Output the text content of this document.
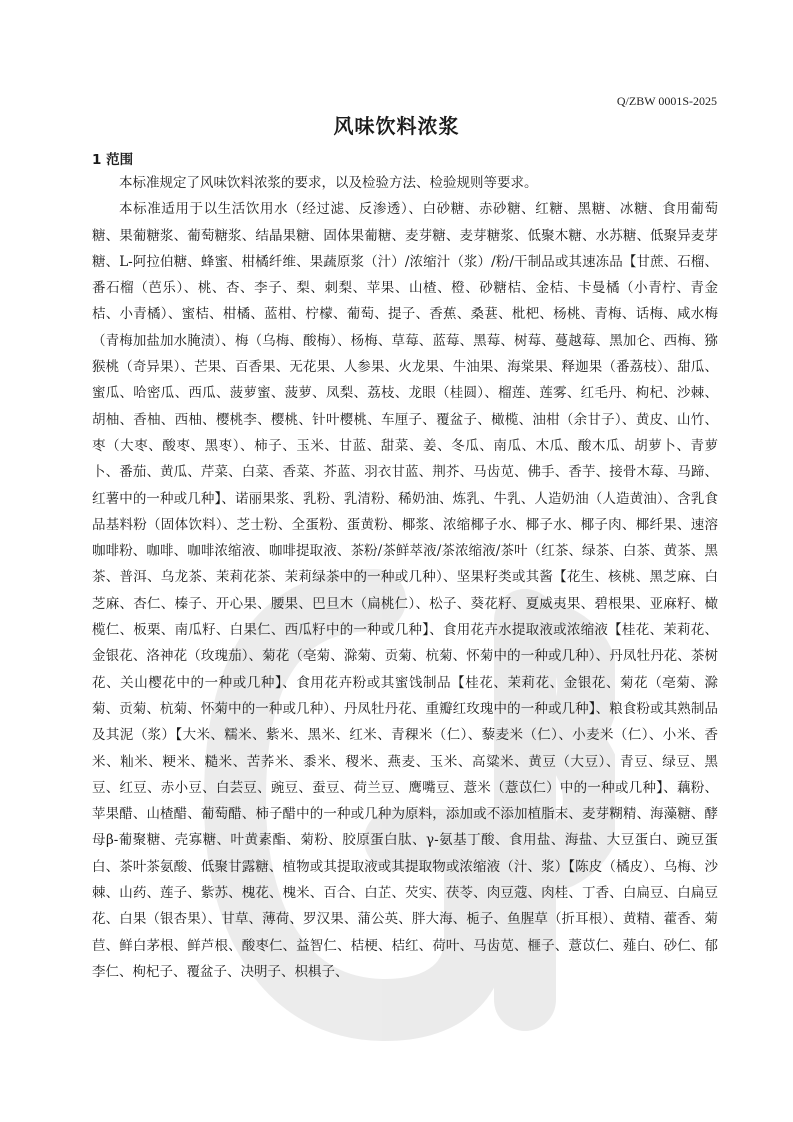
Q/ZBW 0001S-2025
风味饮料浓浆
1 范围

本标准规定了风味饮料浓浆的要求，以及检验方法、检验规则等要求。

本标准适用于以生活饮用水（经过滤、反渗透）、白砂糖、赤砂糖、红糖、黑糖、冰糖、食用葡萄糖、果葡糖浆、葡萄糖浆、结晶果糖、固体果葡糖、麦芽糖、麦芽糖浆、低聚木糖、水苏糖、低聚异麦芽糖、L-阿拉伯糖、蜂蜜、柑橘纤维、果蔬原浆（汁）/浓缩汁（浆）/粉/干制品或其速冻品【甘蔗、石榴、番石榴（芭乐）、桃、杏、李子、梨、刺梨、苹果、山楂、橙、砂糖桔、金桔、卡曼橘（小青柠、青金桔、小青橘）、蜜桔、柑橘、蓝柑、柠檬、葡萄、提子、香蕉、桑葚、枇杷、杨桃、青梅、话梅、咸水梅（青梅加盐加水腌渍）、梅（乌梅、酸梅）、杨梅、草莓、蓝莓、黑莓、树莓、蔓越莓、黑加仑、西梅、猕猴桃（奇异果）、芒果、百香果、无花果、人参果、火龙果、牛油果、海棠果、释迦果（番荔枝）、甜瓜、蜜瓜、哈密瓜、西瓜、菠萝蜜、菠萝、凤梨、荔枝、龙眼（桂圆）、榴莲、莲雾、红毛丹、枸杞、沙棘、胡柚、香柚、西柚、樱桃李、樱桃、针叶樱桃、车厘子、覆盆子、橄榄、油柑（余甘子）、黄皮、山竹、枣（大枣、酸枣、黑枣）、柿子、玉米、甘蓝、甜菜、姜、冬瓜、南瓜、木瓜、酸木瓜、胡萝卜、青萝卜、番茄、黄瓜、芹菜、白菜、香菜、芥蓝、羽衣甘蓝、荆芥、马齿苋、佛手、香芋、接骨木莓、马蹄、红薯中的一种或几种】、诺丽果浆、乳粉、乳清粉、稀奶油、炼乳、牛乳、人造奶油（人造黄油）、含乳食品基料粉（固体饮料）、芝士粉、全蛋粉、蛋黄粉、椰浆、浓缩椰子水、椰子水、椰子肉、椰纤果、速溶咖啡粉、咖啡、咖啡浓缩液、咖啡提取液、茶粉/茶鲜萃液/茶浓缩液/茶叶（红茶、绿茶、白茶、黄茶、黑茶、普洱、乌龙茶、茉莉花茶、茉莉绿茶中的一种或几种）、坚果籽类或其酱【花生、核桃、黑芝麻、白芝麻、杏仁、榛子、开心果、腰果、巴旦木（扁桃仁）、松子、葵花籽、夏威夷果、碧根果、亚麻籽、橄榄仁、板栗、南瓜籽、白果仁、西瓜籽中的一种或几种】、食用花卉水提取液或浓缩液【桂花、茉莉花、金银花、洛神花（玫瑰茄）、菊花（亳菊、滁菊、贡菊、杭菊、怀菊中的一种或几种）、丹凤牡丹花、茶树花、关山樱花中的一种或几种】、食用花卉粉或其蜜饯制品【桂花、茉莉花、金银花、菊花（亳菊、滁菊、贡菊、杭菊、怀菊中的一种或几种）、丹凤牡丹花、重瓣红玫瑰中的一种或几种】、粮食粉或其熟制品及其泥（浆）【大米、糯米、紫米、黑米、红米、青稞米（仁）、藜麦米（仁）、小麦米（仁）、小米、香米、籼米、粳米、糙米、苦荞米、黍米、稷米、燕麦、玉米、高粱米、黄豆（大豆）、青豆、绿豆、黑豆、红豆、赤小豆、白芸豆、豌豆、蚕豆、荷兰豆、鹰嘴豆、薏米（薏苡仁）中的一种或几种】、藕粉、苹果醋、山楂醋、葡萄醋、柿子醋中的一种或几种为原料，添加或不添加植脂末、麦芽糊精、海藻糖、酵母β-葡聚糖、壳寡糖、叶黄素酯、菊粉、胶原蛋白肽、γ-氨基丁酸、食用盐、海盐、大豆蛋白、豌豆蛋白、茶叶茶氨酸、低聚甘露糖、植物或其提取液或其提取物或浓缩液（汁、浆）【陈皮（橘皮）、乌梅、沙棘、山药、莲子、紫苏、槐花、槐米、百合、白芷、芡实、茯苓、肉豆蔻、肉桂、丁香、白扁豆、白扁豆花、白果（银杏果）、甘草、薄荷、罗汉果、蒲公英、胖大海、栀子、鱼腥草（折耳根）、黄精、藿香、菊苣、鲜白茅根、鲜芦根、酸枣仁、益智仁、桔梗、桔红、荷叶、马齿苋、榧子、薏苡仁、薤白、砂仁、郁李仁、枸杞子、覆盆子、决明子、枳椇子、
